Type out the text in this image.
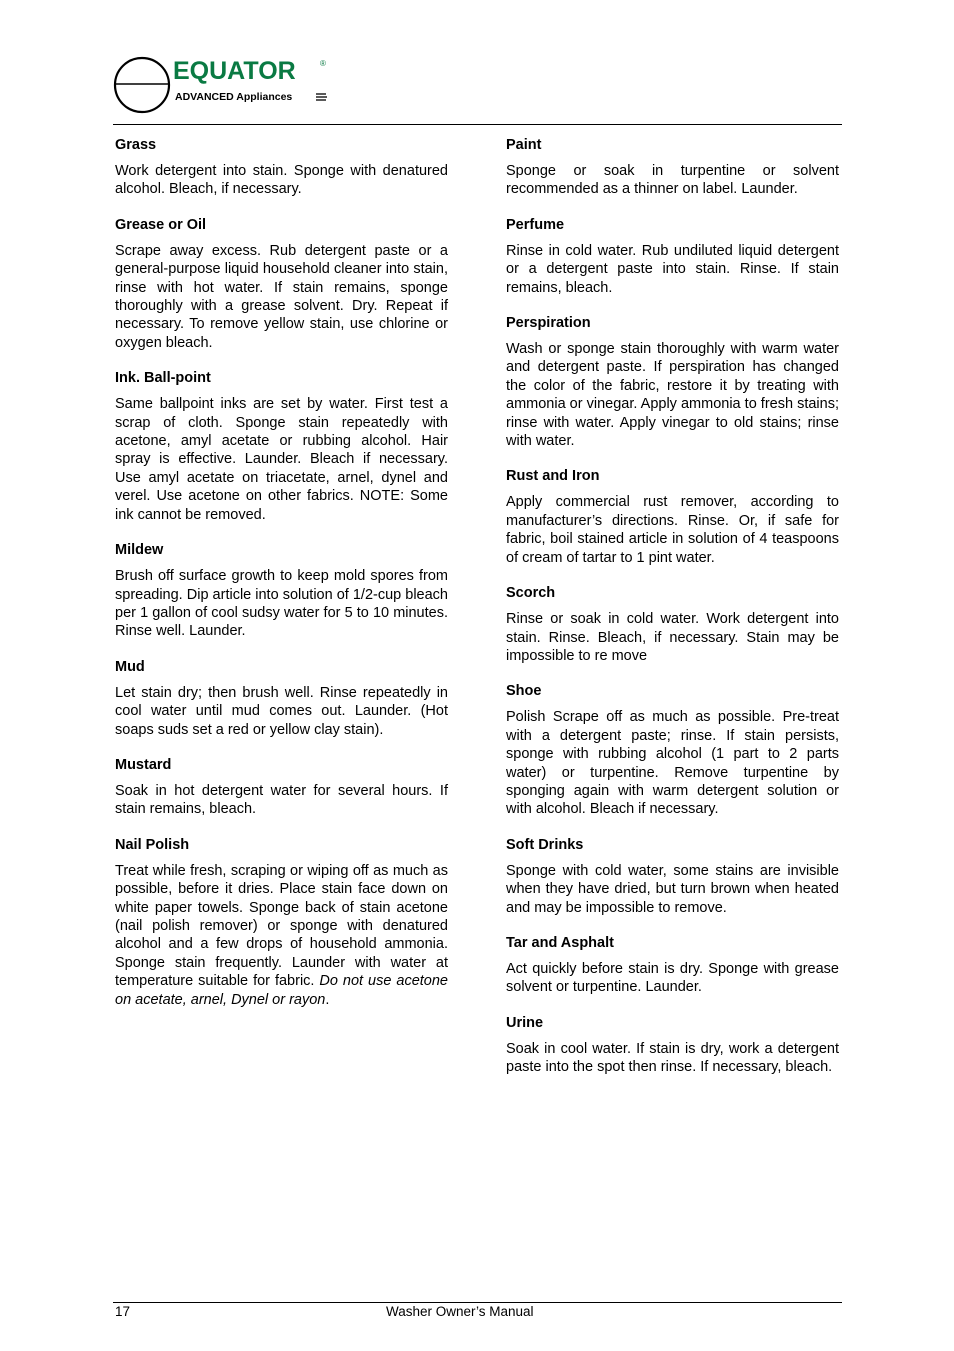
EQUATOR	®
ADVANCED Appliances
Grass
Work detergent into stain. Sponge with denatured alcohol. Bleach, if necessary.
Grease or Oil
Scrape away excess. Rub detergent paste or a general-purpose liquid household cleaner into stain, rinse with hot water. If stain remains, sponge thoroughly with a grease solvent. Dry. Repeat if necessary. To remove yellow stain, use chlorine or oxygen bleach.
Ink. Ball-point
Same ballpoint inks are set by water. First test a scrap of cloth. Sponge stain repeatedly with acetone, amyl acetate or rubbing alcohol. Hair spray is effective. Launder. Bleach if necessary. Use amyl acetate on triacetate, arnel, dynel and verel. Use acetone on other fabrics. NOTE: Some ink cannot be removed.
Mildew
Brush off surface growth to keep mold spores from spreading. Dip article into solution of 1/2-cup bleach per 1 gallon of cool sudsy water for 5 to 10 minutes. Rinse well. Launder.
Mud
Let stain dry; then brush well. Rinse repeatedly in cool water until mud comes out. Launder. (Hot soaps suds set a red or yellow clay stain).
Mustard
Soak in hot detergent water for several hours. If stain remains, bleach.
Nail Polish
Treat while fresh, scraping or wiping off as much as possible, before it dries. Place stain face down on white paper towels. Sponge back of stain acetone (nail polish remover) or sponge with denatured alcohol and a few drops of household ammonia. Sponge stain frequently. Launder with water at temperature suitable for fabric. Do not use acetone on acetate, arnel, Dynel or rayon.
Paint
Sponge or soak in turpentine or solvent recommended as a thinner on label. Launder.
Perfume
Rinse in cold water. Rub undiluted liquid detergent or a detergent paste into stain. Rinse. If stain remains, bleach.
Perspiration
Wash or sponge stain thoroughly with warm water and detergent paste. If perspiration has changed the color of the fabric, restore it by treating with ammonia or vinegar. Apply ammonia to fresh stains; rinse with water. Apply vinegar to old stains; rinse with water.
Rust and Iron
Apply commercial rust remover, according to manufacturer’s directions. Rinse. Or, if safe for fabric, boil stained article in solution of 4 teaspoons of cream of tartar to 1 pint water.
Scorch
Rinse or soak in cold water. Work detergent into stain. Rinse. Bleach, if necessary. Stain may be impossible to re move
Shoe
Polish Scrape off as much as possible. Pre-treat with a detergent paste; rinse. If stain persists, sponge with rubbing alcohol (1 part to 2 parts water) or turpentine. Remove turpentine by sponging again with warm detergent solution or with alcohol. Bleach if necessary.
Soft Drinks
Sponge with cold water, some stains are invisible when they have dried, but turn brown when heated and may be impossible to remove.
Tar and Asphalt
Act quickly before stain is dry. Sponge with grease solvent or turpentine. Launder.
Urine
Soak in cool water. If stain is dry, work a detergent paste into the spot then rinse. If necessary, bleach.
17	Washer Owner’s Manual
